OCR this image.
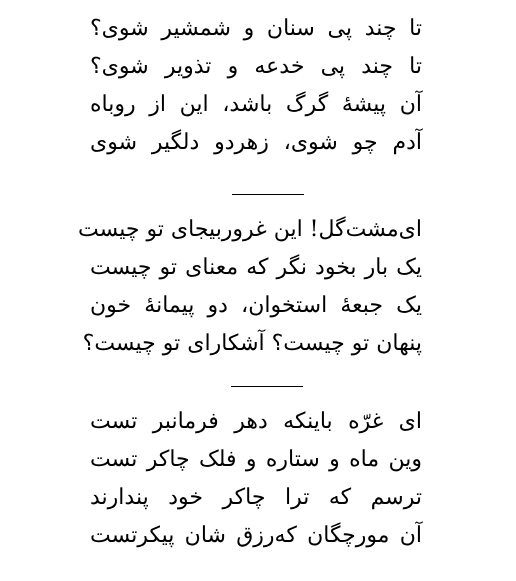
تا چند پی سنان و شمشیر شوی؟
تا چند پی خدعه و تذویر شوی؟
آن پیشهٔ گرگ باشد، این از روباه
آدم چو شوی، زهردو دلگیر شوی
ای‌مشت‌گل! این غروربیجای تو چیست
یک بار بخود نگر که معنای تو چیست
یک جبعهٔ استخوان، دو پیمانهٔ خون
پنهان تو چیست؟ آشکارای تو چیست؟
ای غرّه باینکه دهر فرمانبر تست
وین ماه و ستاره و فلک چاکر تست
ترسم که ترا چاکر خود پندارند
آن مورچگان که‌رزق شان پیکرتست
